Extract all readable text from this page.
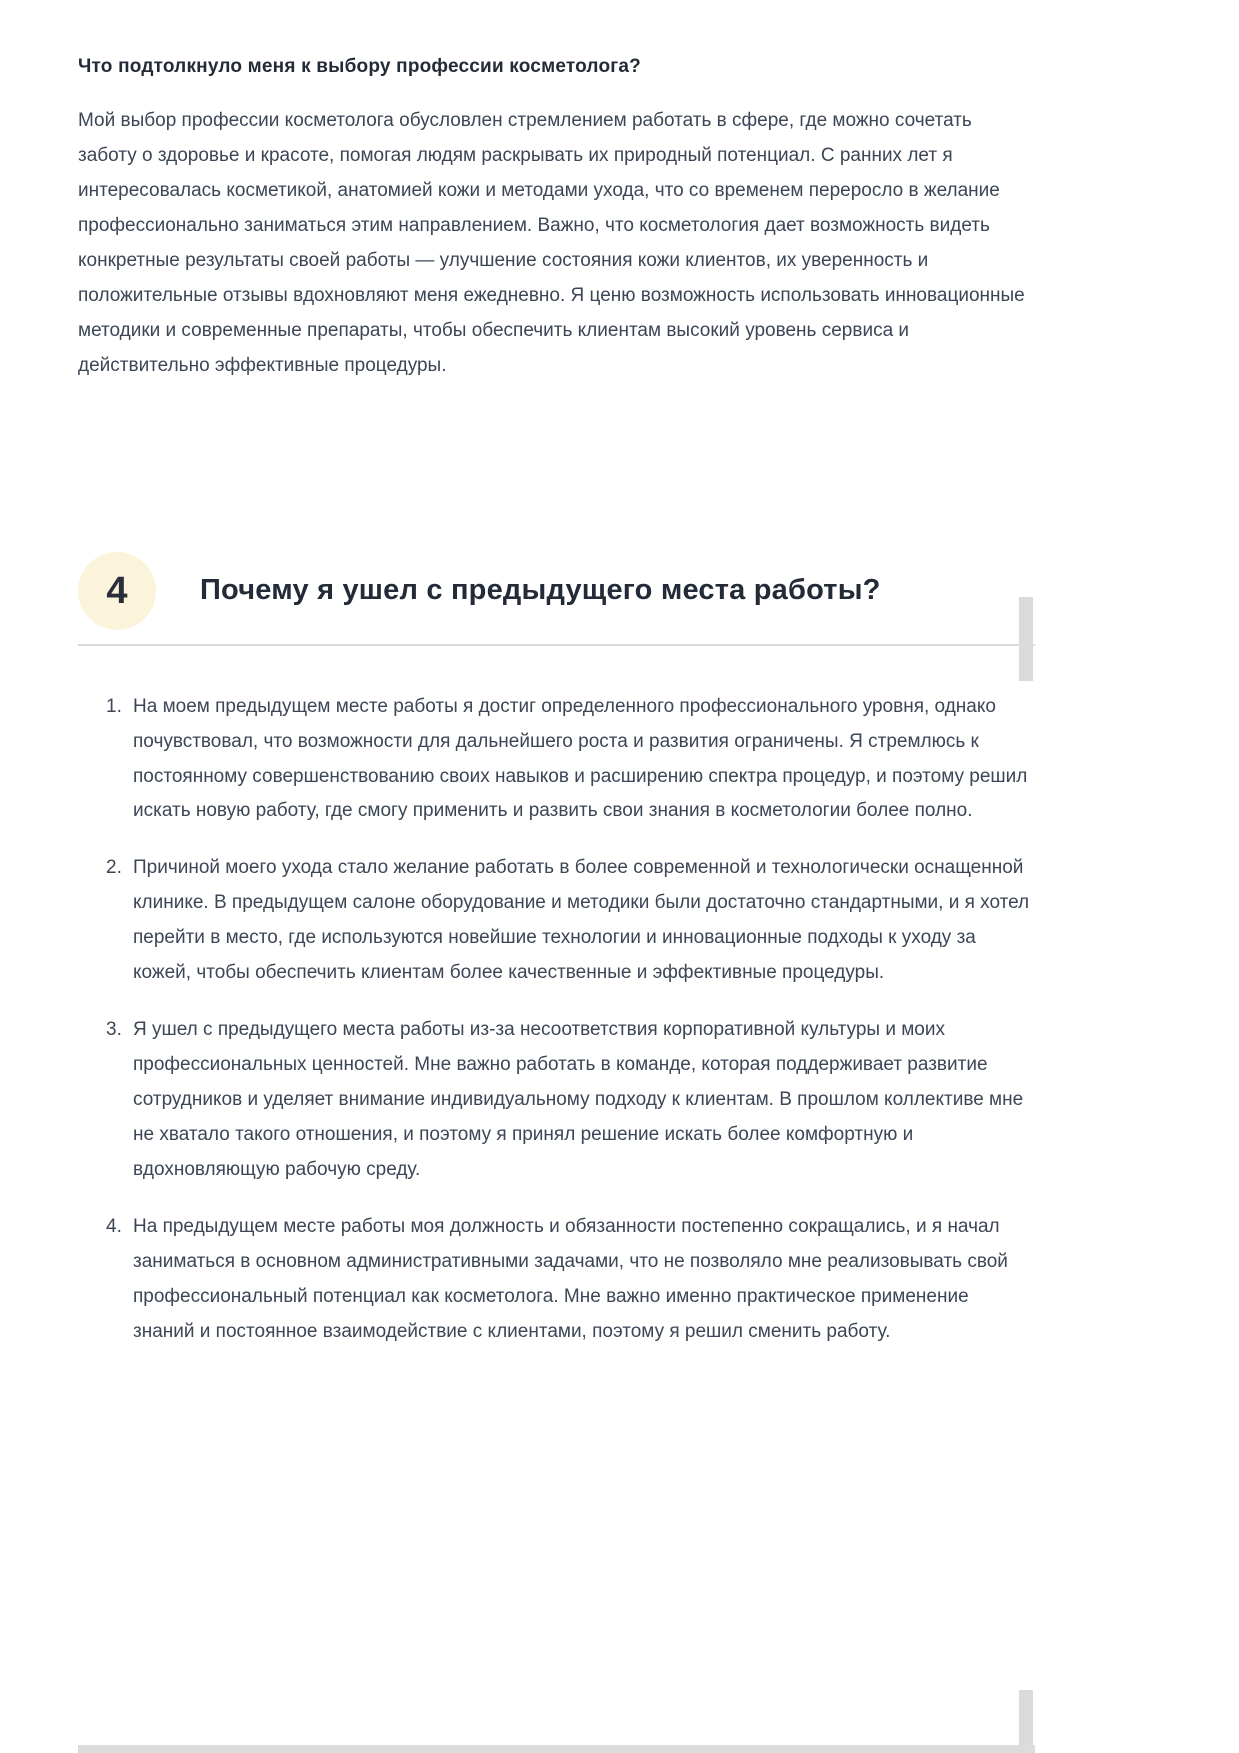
Что подтолкнуло меня к выбору профессии косметолога?

Мой выбор профессии косметолога обусловлен стремлением работать в сфере, где можно сочетать заботу о здоровье и красоте, помогая людям раскрывать их природный потенциал. С ранних лет я интересовалась косметикой, анатомией кожи и методами ухода, что со временем переросло в желание профессионально заниматься этим направлением. Важно, что косметология дает возможность видеть конкретные результаты своей работы — улучшение состояния кожи клиентов, их уверенность и положительные отзывы вдохновляют меня ежедневно. Я ценю возможность использовать инновационные методики и современные препараты, чтобы обеспечить клиентам высокий уровень сервиса и действительно эффективные процедуры.

4 Почему я ушел с предыдущего места работы?
1. На моем предыдущем месте работы я достиг определенного профессионального уровня, однако почувствовал, что возможности для дальнейшего роста и развития ограничены. Я стремлюсь к постоянному совершенствованию своих навыков и расширению спектра процедур, и поэтому решил искать новую работу, где смогу применить и развить свои знания в косметологии более полно.
2. Причиной моего ухода стало желание работать в более современной и технологически оснащенной клинике. В предыдущем салоне оборудование и методики были достаточно стандартными, и я хотел перейти в место, где используются новейшие технологии и инновационные подходы к уходу за кожей, чтобы обеспечить клиентам более качественные и эффективные процедуры.
3. Я ушел с предыдущего места работы из-за несоответствия корпоративной культуры и моих профессиональных ценностей. Мне важно работать в команде, которая поддерживает развитие сотрудников и уделяет внимание индивидуальному подходу к клиентам. В прошлом коллективе мне не хватало такого отношения, и поэтому я принял решение искать более комфортную и вдохновляющую рабочую среду.
4. На предыдущем месте работы моя должность и обязанности постепенно сокращались, и я начал заниматься в основном административными задачами, что не позволяло мне реализовывать свой профессиональный потенциал как косметолога. Мне важно именно практическое применение знаний и постоянное взаимодействие с клиентами, поэтому я решил сменить работу.
